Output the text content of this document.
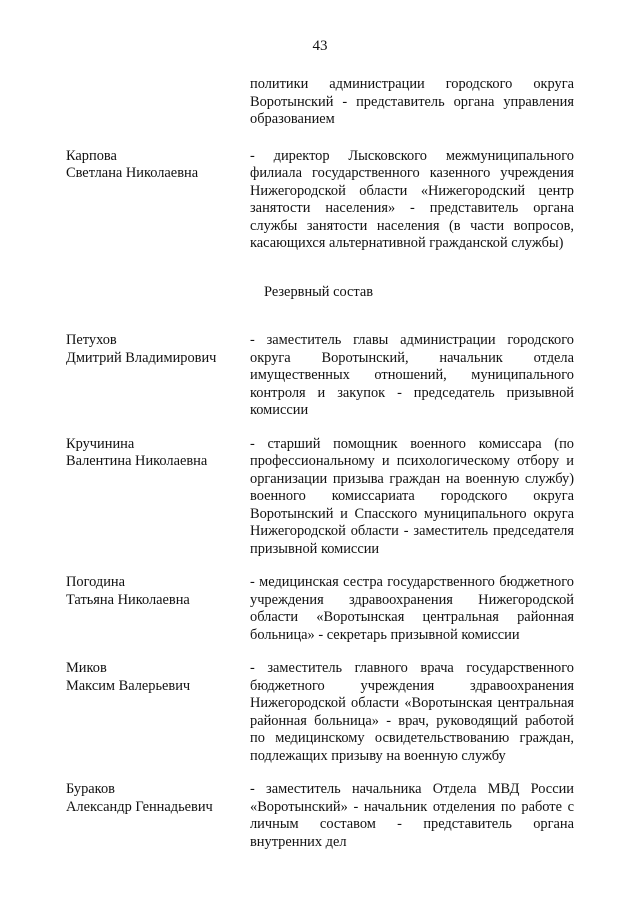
43
политики администрации городского округа Воротынский - представитель органа управления образованием
Карпова
Светлана Николаевна
- директор Лысковского межмуниципального филиала государственного казенного учреждения Нижегородской области «Нижегородский центр занятости населения» - представитель органа службы занятости населения (в части вопросов, касающихся альтернативной гражданской службы)
Резервный состав
Петухов
Дмитрий Владимирович
- заместитель главы администрации городского округа Воротынский, начальник отдела имущественных отношений, муниципального контроля и закупок - председатель призывной комиссии
Кручинина
Валентина Николаевна
- старший помощник военного комиссара (по профессиональному и психологическому отбору и организации призыва граждан на военную службу) военного комиссариата городского округа Воротынский и Спасского муниципального округа Нижегородской области - заместитель председателя призывной комиссии
Погодина
Татьяна Николаевна
- медицинская сестра государственного бюджетного учреждения здравоохранения Нижегородской области «Воротынская центральная районная больница» - секретарь призывной комиссии
Миков
Максим Валерьевич
- заместитель главного врача государственного бюджетного учреждения здравоохранения Нижегородской области «Воротынская центральная районная больница» - врач, руководящий работой по медицинскому освидетельствованию граждан, подлежащих призыву на военную службу
Бураков
Александр Геннадьевич
- заместитель начальника Отдела МВД России «Воротынский» - начальник отделения по работе с личным составом - представитель органа внутренних дел
